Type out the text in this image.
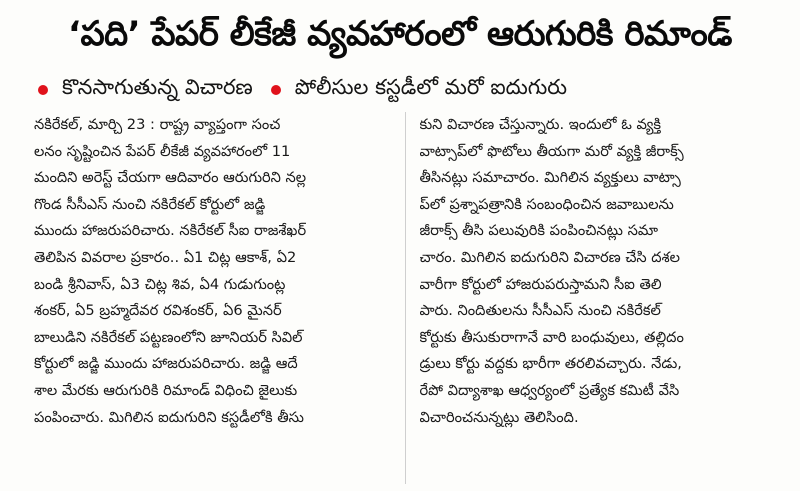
‘పది’ పేపర్ లీకేజీ వ్యవహారంలో ఆరుగురికి రిమాండ్
కొనసాగుతున్న విచారణ పోలీసుల కస్టడీలో మరో ఐదుగురు
నకిరేకల్, మార్చి 23 : రాష్ట్ర వ్యాప్తంగా సంచ
లనం సృష్టించిన పేపర్ లీకేజీ వ్యవహారంలో 11
మందిని అరెస్ట్ చేయగా ఆదివారం ఆరుగురిని నల్ల
గొండ సీసీఎస్ నుంచి నకిరేకల్ కోర్టులో జడ్జి
ముందు హాజరుపరిచారు. నకిరేకల్ సీఐ రాజశేఖర్
తెలిపిన వివరాల ప్రకారం.. ఏ1 చిట్ల ఆకాశ్, ఏ2
బండి శ్రీనివాస్, ఏ3 చిట్ల శివ, ఏ4 గుడుగుంట్ల
శంకర్, ఏ5 బ్రహ్మదేవర రవిశంకర్, ఏ6 మైనర్
బాలుడిని నకిరేకల్ పట్టణంలోని జూనియర్ సివిల్
కోర్టులో జడ్జి ముందు హాజరుపరిచారు. జడ్జి ఆదే
శాల మేరకు ఆరుగురికి రిమాండ్ విధించి జైలుకు
పంపించారు. మిగిలిన ఐదుగురిని కస్టడీలోకి తీసు
కుని విచారణ చేస్తున్నారు. ఇందులో ఓ వ్యక్తి
వాట్సాప్‌లో ఫొటోలు తీయగా మరో వ్యక్తి జీరాక్స్
తీసినట్లు సమాచారం. మిగిలిన వ్యక్తులు వాట్సా
ప్‌లో ప్రశ్నాపత్రానికి సంబంధించిన జవాబులను
జీరాక్స్ తీసి పలువురికి పంపించినట్లు సమా
చారం. మిగిలిన ఐదుగురిని విచారణ చేసి దశల
వారీగా కోర్టులో హాజరుపరుస్తామని సీఐ తెలి
పారు. నిందితులను సీసీఎస్ నుంచి నకిరేకల్
కోర్టుకు తీసుకురాగానే వారి బంధువులు, తల్లిదం
డ్రులు కోర్టు వద్దకు భారీగా తరలివచ్చారు. నేడు,
రేపో విద్యాశాఖ ఆధ్వర్యంలో ప్రత్యేక కమిటీ వేసి
విచారించనున్నట్లు తెలిసింది.
